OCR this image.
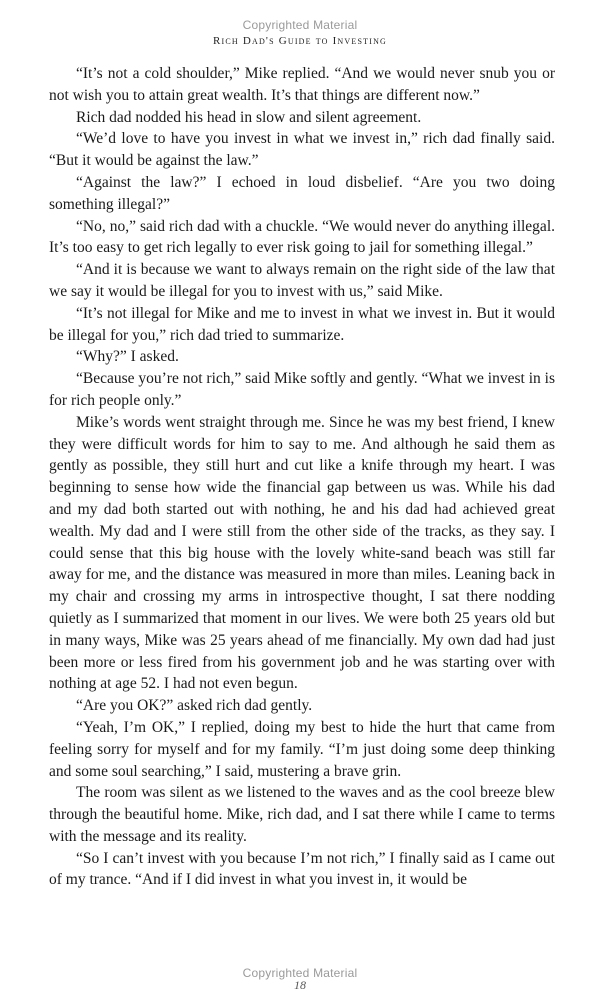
Copyrighted Material
Rich Dad's Guide to Investing

“It’s not a cold shoulder,” Mike replied. “And we would never snub you or not wish you to attain great wealth. It’s that things are different now.”

Rich dad nodded his head in slow and silent agreement.

“We’d love to have you invest in what we invest in,” rich dad finally said. “But it would be against the law.”

“Against the law?” I echoed in loud disbelief. “Are you two doing something illegal?”

“No, no,” said rich dad with a chuckle. “We would never do anything illegal. It’s too easy to get rich legally to ever risk going to jail for something illegal.”

“And it is because we want to always remain on the right side of the law that we say it would be illegal for you to invest with us,” said Mike.

“It’s not illegal for Mike and me to invest in what we invest in. But it would be illegal for you,” rich dad tried to summarize.

“Why?” I asked.

“Because you’re not rich,” said Mike softly and gently. “What we invest in is for rich people only.”

Mike’s words went straight through me. Since he was my best friend, I knew they were difficult words for him to say to me. And although he said them as gently as possible, they still hurt and cut like a knife through my heart. I was beginning to sense how wide the financial gap between us was. While his dad and my dad both started out with nothing, he and his dad had achieved great wealth. My dad and I were still from the other side of the tracks, as they say. I could sense that this big house with the lovely white-sand beach was still far away for me, and the distance was measured in more than miles. Leaning back in my chair and crossing my arms in introspective thought, I sat there nodding quietly as I summarized that moment in our lives. We were both 25 years old but in many ways, Mike was 25 years ahead of me financially. My own dad had just been more or less fired from his government job and he was starting over with nothing at age 52. I had not even begun.

“Are you OK?” asked rich dad gently.

“Yeah, I’m OK,” I replied, doing my best to hide the hurt that came from feeling sorry for myself and for my family. “I’m just doing some deep thinking and some soul searching,” I said, mustering a brave grin.

The room was silent as we listened to the waves and as the cool breeze blew through the beautiful home. Mike, rich dad, and I sat there while I came to terms with the message and its reality.

“So I can’t invest with you because I’m not rich,” I finally said as I came out of my trance. “And if I did invest in what you invest in, it would be

Copyrighted Material
18
